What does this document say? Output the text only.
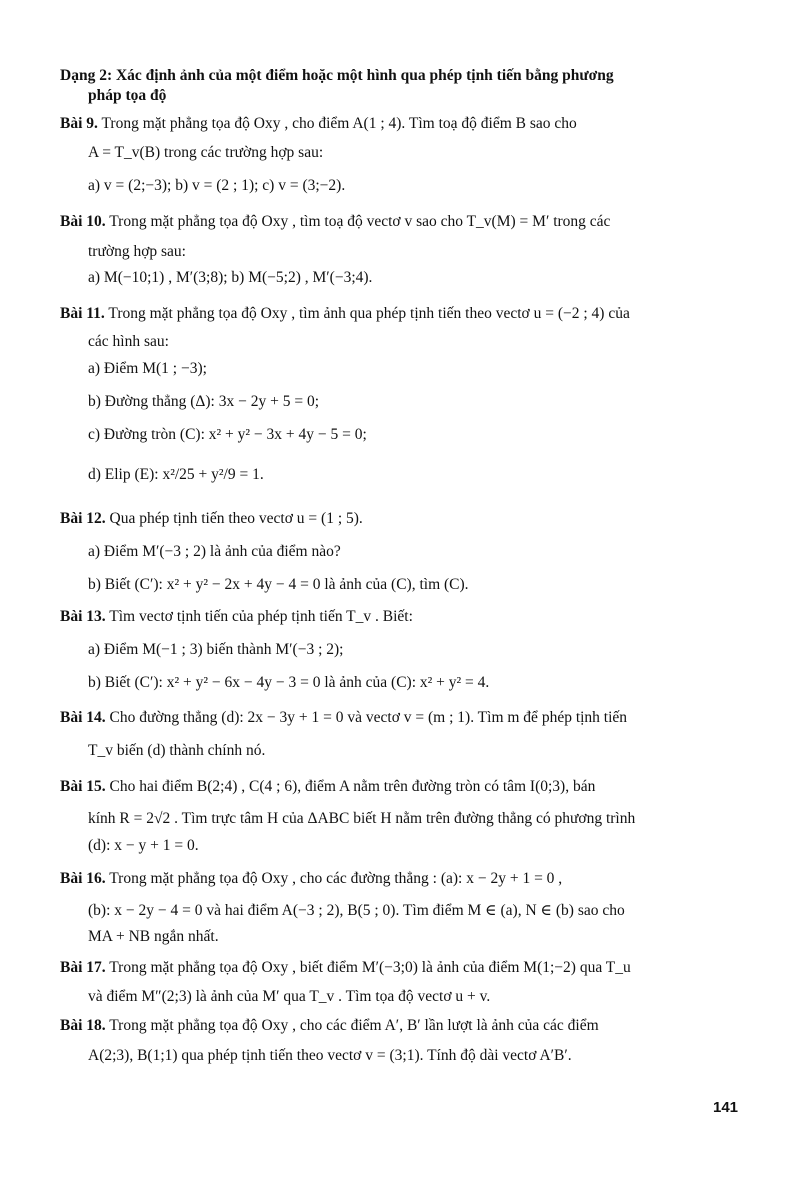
Dạng 2: Xác định ảnh của một điểm hoặc một hình qua phép tịnh tiến bằng phương
pháp tọa độ
Bài 9. Trong mặt phẳng tọa độ Oxy , cho điểm A(1 ; 4). Tìm toạ độ điểm B sao cho
A = T_v(B) trong các trường hợp sau:
a) v = (2;−3); b) v = (2 ; 1); c) v = (3;−2).
Bài 10. Trong mặt phẳng tọa độ Oxy , tìm toạ độ vectơ v sao cho T_v(M) = M′ trong các
trường hợp sau:
a) M(−10;1) , M′(3;8); b) M(−5;2) , M′(−3;4).
Bài 11. Trong mặt phẳng tọa độ Oxy , tìm ảnh qua phép tịnh tiến theo vectơ u = (−2 ; 4) của
các hình sau:
a) Điểm M(1 ; −3);
b) Đường thẳng (Δ): 3x − 2y + 5 = 0;
c) Đường tròn (C): x² + y² − 3x + 4y − 5 = 0;
d) Elip (E): x²/25 + y²/9 = 1.
Bài 12. Qua phép tịnh tiến theo vectơ u = (1 ; 5).
a) Điểm M′(−3 ; 2) là ảnh của điểm nào?
b) Biết (C′): x² + y² − 2x + 4y − 4 = 0 là ảnh của (C), tìm (C).
Bài 13. Tìm vectơ tịnh tiến của phép tịnh tiến T_v . Biết:
a) Điểm M(−1 ; 3) biến thành M′(−3 ; 2);
b) Biết (C′): x² + y² − 6x − 4y − 3 = 0 là ảnh của (C): x² + y² = 4.
Bài 14. Cho đường thẳng (d): 2x − 3y + 1 = 0 và vectơ v = (m ; 1). Tìm m để phép tịnh tiến
T_v biến (d) thành chính nó.
Bài 15. Cho hai điểm B(2;4) , C(4 ; 6), điểm A nằm trên đường tròn có tâm I(0;3), bán
kính R = 2√2 . Tìm trực tâm H của ΔABC biết H nằm trên đường thẳng có phương trình
(d): x − y + 1 = 0.
Bài 16. Trong mặt phẳng tọa độ Oxy , cho các đường thẳng : (a): x − 2y + 1 = 0 ,
(b): x − 2y − 4 = 0 và hai điểm A(−3 ; 2), B(5 ; 0). Tìm điểm M ∈ (a), N ∈ (b) sao cho
MA + NB ngắn nhất.
Bài 17. Trong mặt phẳng tọa độ Oxy , biết điểm M′(−3;0) là ảnh của điểm M(1;−2) qua T_u
và điểm M″(2;3) là ảnh của M′ qua T_v . Tìm tọa độ vectơ u + v.
Bài 18. Trong mặt phẳng tọa độ Oxy , cho các điểm A′, B′ lần lượt là ảnh của các điểm
A(2;3), B(1;1) qua phép tịnh tiến theo vectơ v = (3;1). Tính độ dài vectơ A′B′.
141
